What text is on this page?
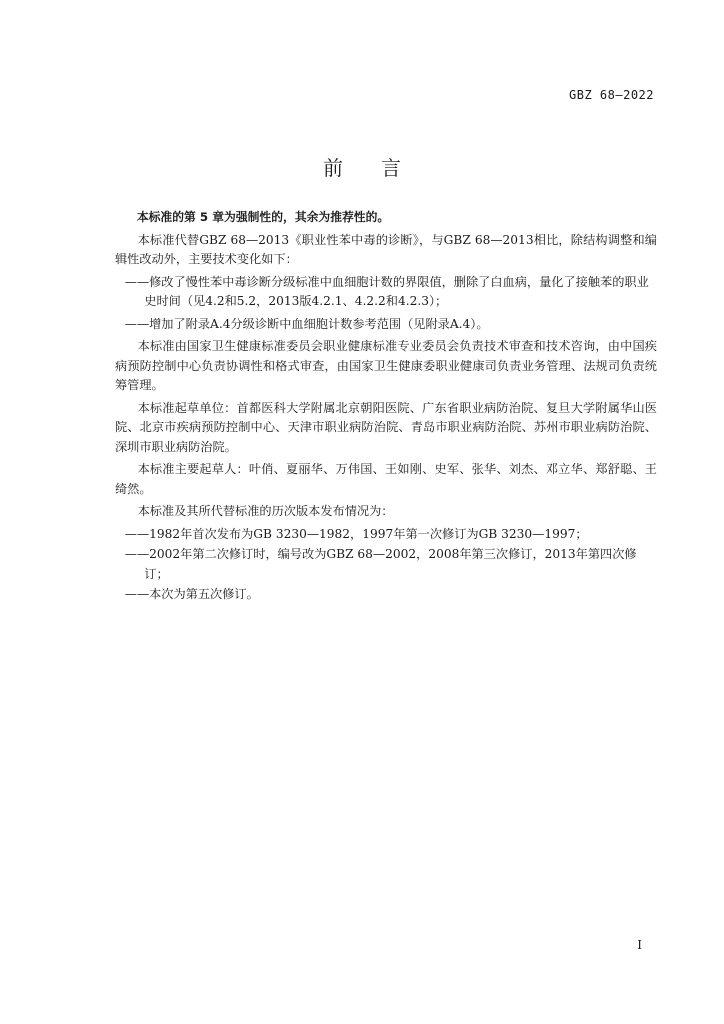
GBZ 68—2022
前言

本标准的第 5 章为强制性的，其余为推荐性的。

本标准代替GBZ 68—2013《职业性苯中毒的诊断》，与GBZ 68—2013相比，除结构调整和编辑性改动外，主要技术变化如下：

——修改了慢性苯中毒诊断分级标准中血细胞计数的界限值，删除了白血病，量化了接触苯的职业史时间（见4.2和5.2，2013版4.2.1、4.2.2和4.2.3）；

——增加了附录A.4分级诊断中血细胞计数参考范围（见附录A.4）。

本标准由国家卫生健康标准委员会职业健康标准专业委员会负责技术审查和技术咨询，由中国疾病预防控制中心负责协调性和格式审查，由国家卫生健康委职业健康司负责业务管理、法规司负责统筹管理。

本标准起草单位：首都医科大学附属北京朝阳医院、广东省职业病防治院、复旦大学附属华山医院、北京市疾病预防控制中心、天津市职业病防治院、青岛市职业病防治院、苏州市职业病防治院、深圳市职业病防治院。

本标准主要起草人：叶俏、夏丽华、万伟国、王如刚、史军、张华、刘杰、邓立华、郑舒聪、王绮然。

本标准及其所代替标准的历次版本发布情况为：

——1982年首次发布为GB 3230—1982，1997年第一次修订为GB 3230—1997；

——2002年第二次修订时，编号改为GBZ 68—2002，2008年第三次修订，2013年第四次修订；

——本次为第五次修订。

I
